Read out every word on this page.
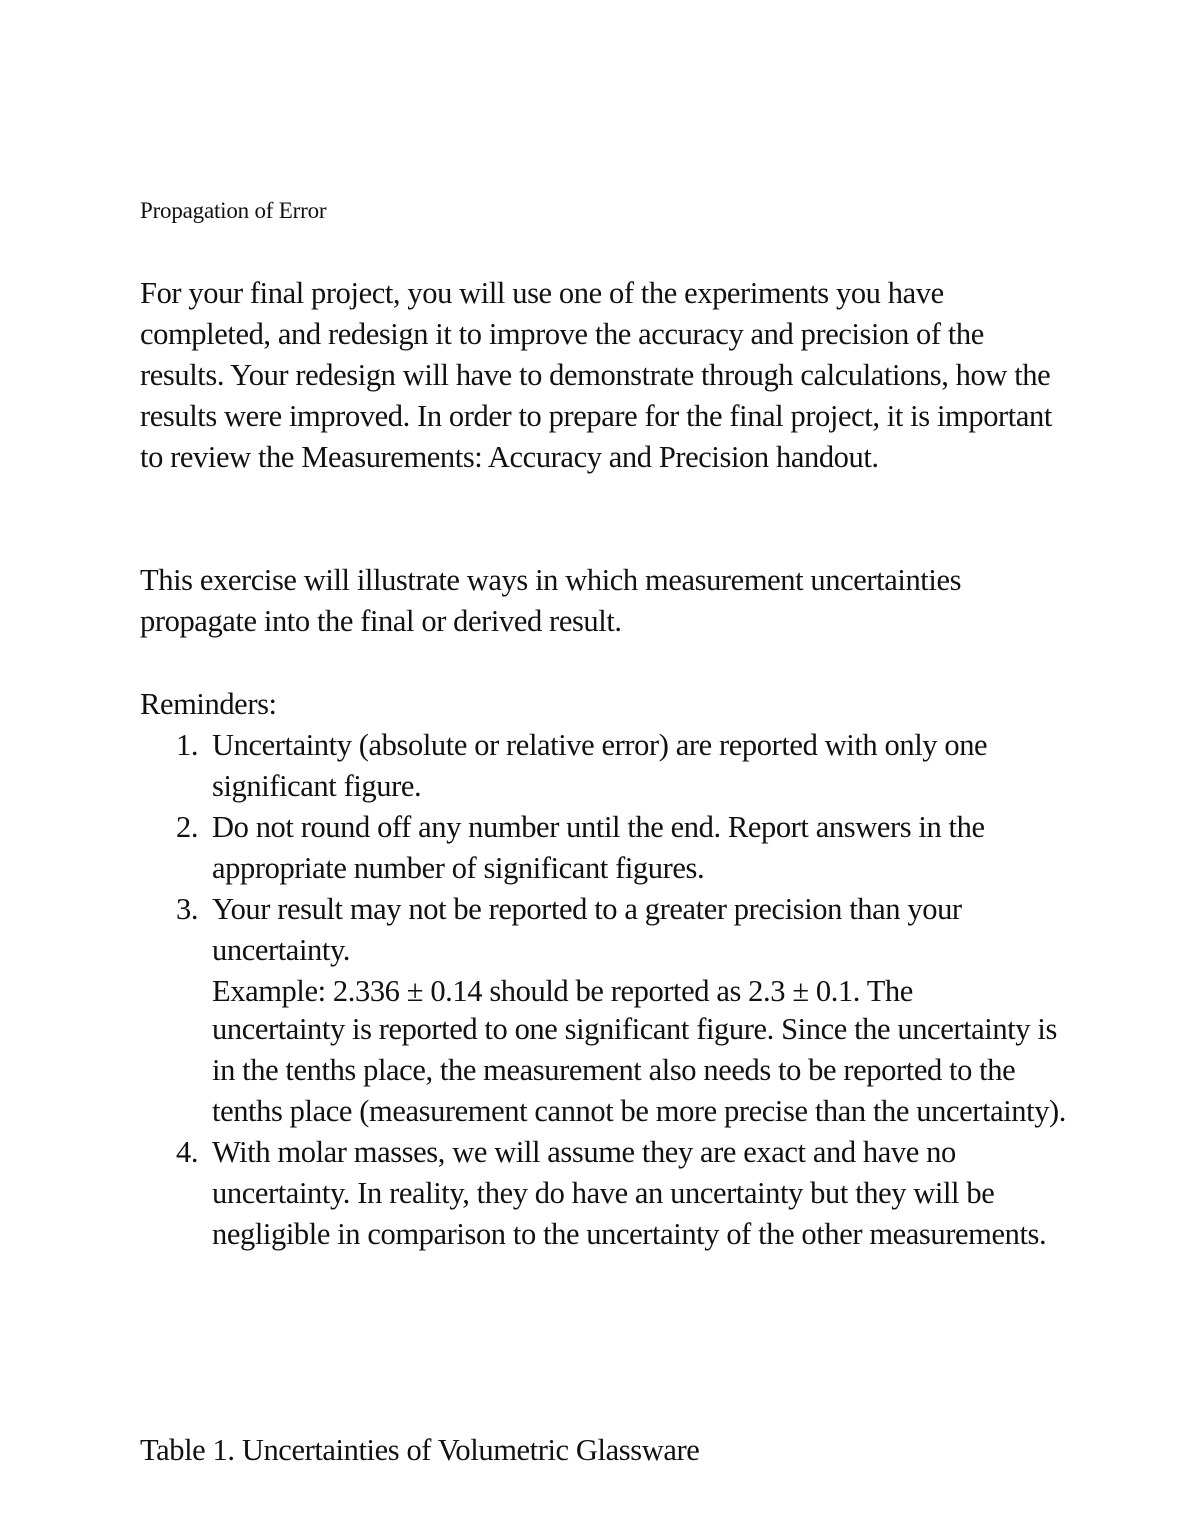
Propagation of Error

For your final project, you will use one of the experiments you have completed, and redesign it to improve the accuracy and precision of the results. Your redesign will have to demonstrate through calculations, how the results were improved. In order to prepare for the final project, it is important to review the Measurements: Accuracy and Precision handout.

This exercise will illustrate ways in which measurement uncertainties propagate into the final or derived result.

Reminders:

1. Uncertainty (absolute or relative error) are reported with only one significant figure.
2. Do not round off any number until the end. Report answers in the appropriate number of significant figures.
3. Your result may not be reported to a greater precision than your uncertainty.
Example: 2.336 ± 0.14 should be reported as 2.3 ± 0.1. The
uncertainty is reported to one significant figure. Since the uncertainty is in the tenths place, the measurement also needs to be reported to the tenths place (measurement cannot be more precise than the uncertainty).
4. With molar masses, we will assume they are exact and have no uncertainty. In reality, they do have an uncertainty but they will be negligible in comparison to the uncertainty of the other measurements.

Table 1. Uncertainties of Volumetric Glassware
